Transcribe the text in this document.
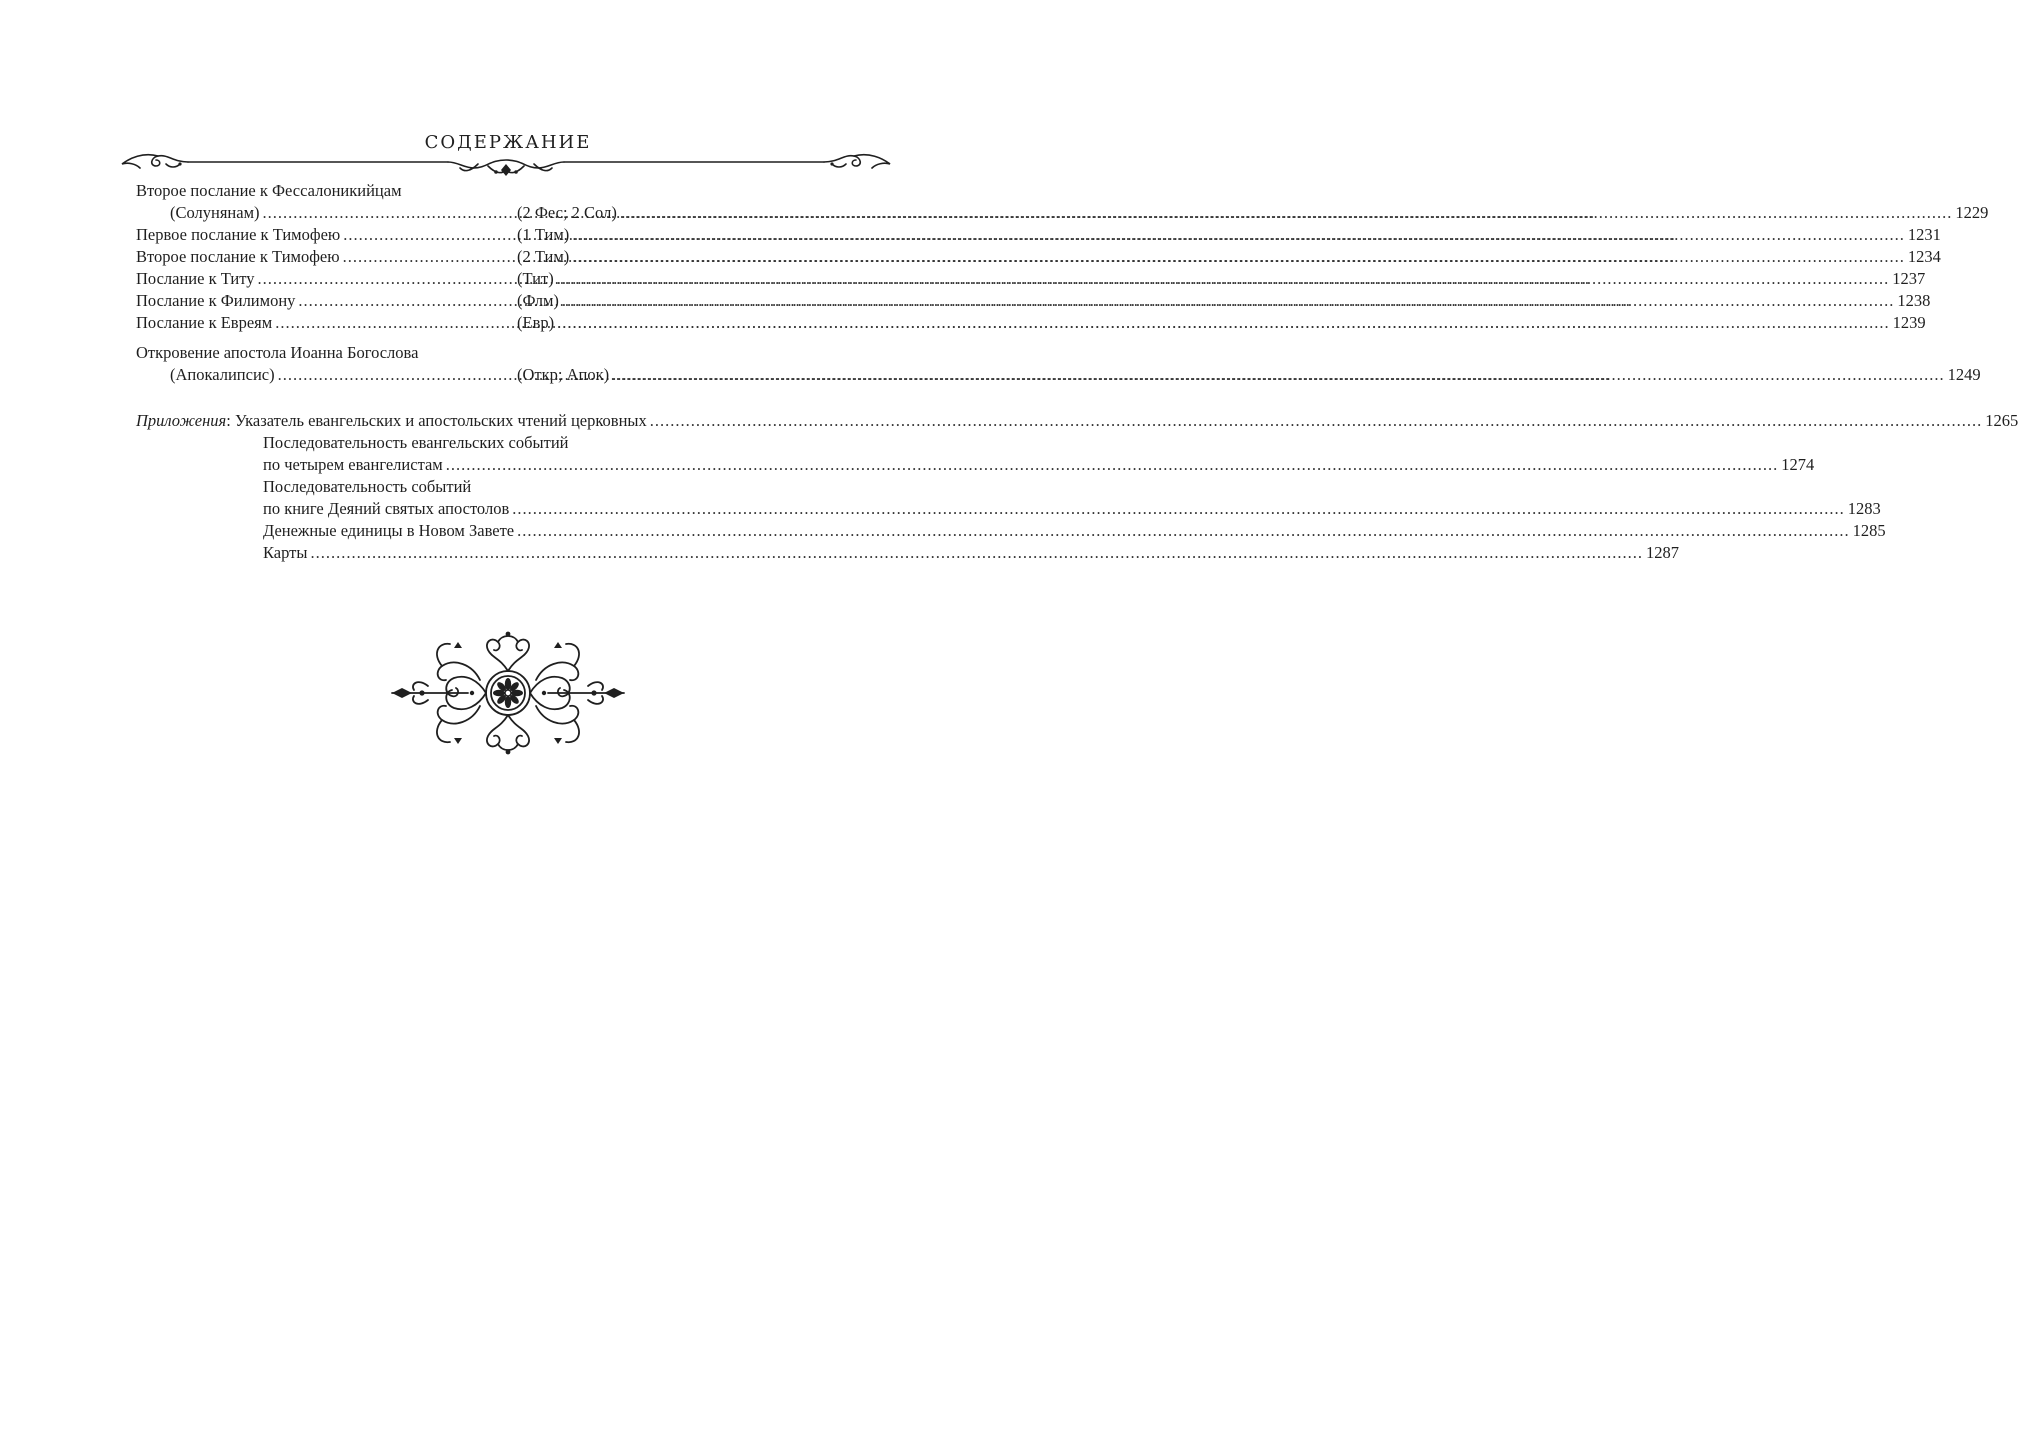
СОДЕРЖАНИЕ
Второе послание к Фессалоникийцам
(Солунянам) .....	(2 Фес; 2 Сол) .....	1229
Первое послание к Тимофею .....	(1 Тим) .....	1231
Второе послание к Тимофею .....	(2 Тим) .....	1234
Послание к Титу .....	(Тит) .....	1237
Послание к Филимону .....	(Флм) .....	1238
Послание к Евреям .....	(Евр) .....	1239
Откровение апостола Иоанна Богослова
(Апокалипсис) .....	(Откр; Апок) .....	1249
Приложения : Указатель евангельских и апостольских чтений церковных .....	1265
Последовательность евангельских событий
по четырем евангелистам .....	1274
Последовательность событий
по книге Деяний святых апостолов .....	1283
Денежные единицы в Новом Завете .....	1285
Карты .....	1287
